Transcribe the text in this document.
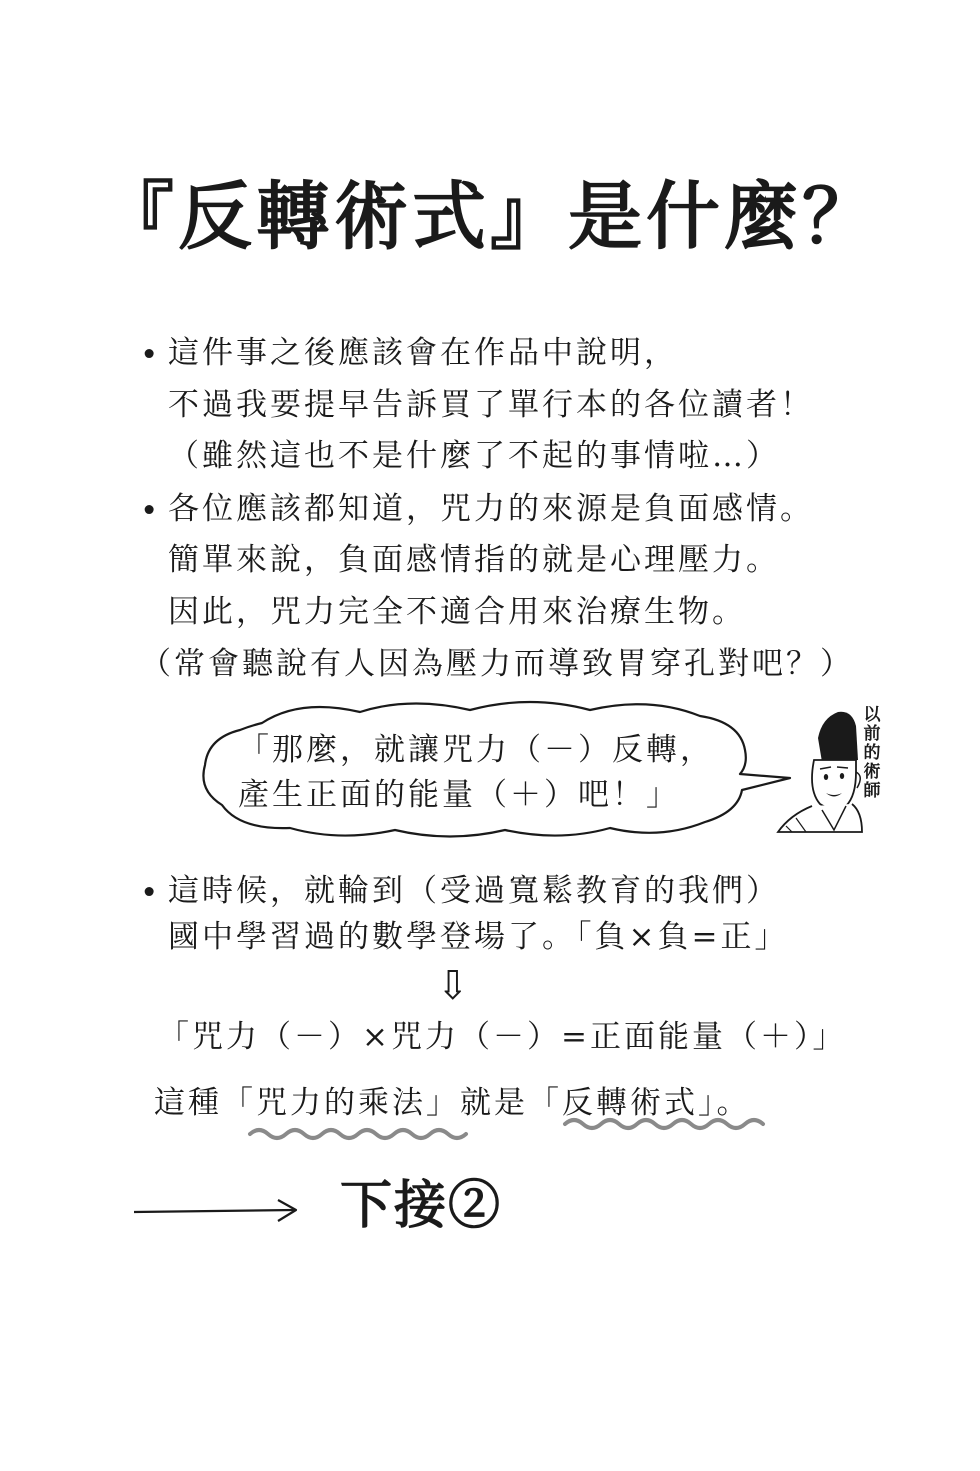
『反轉術式』是什麼？
• 這件事之後應該會在作品中說明，
不過我要提早告訴買了單行本的各位讀者！
（雖然這也不是什麼了不起的事情啦…）
• 各位應該都知道，咒力的來源是負面感情。
簡單來說，負面感情指的就是心理壓力。
因此，咒力完全不適合用來治療生物。
（常會聽說有人因為壓力而導致胃穿孔對吧？）
「那麼，就讓咒力（－）反轉，
產生正面的能量（＋）吧！」
以前的術師
• 這時候，就輪到（受過寬鬆教育的我們）
國中學習過的數學登場了。「負×負=正」
⇩
「咒力（－）×咒力（－）=正面能量（＋）」
這種「咒力的乘法」就是「反轉術式」。
下接②
